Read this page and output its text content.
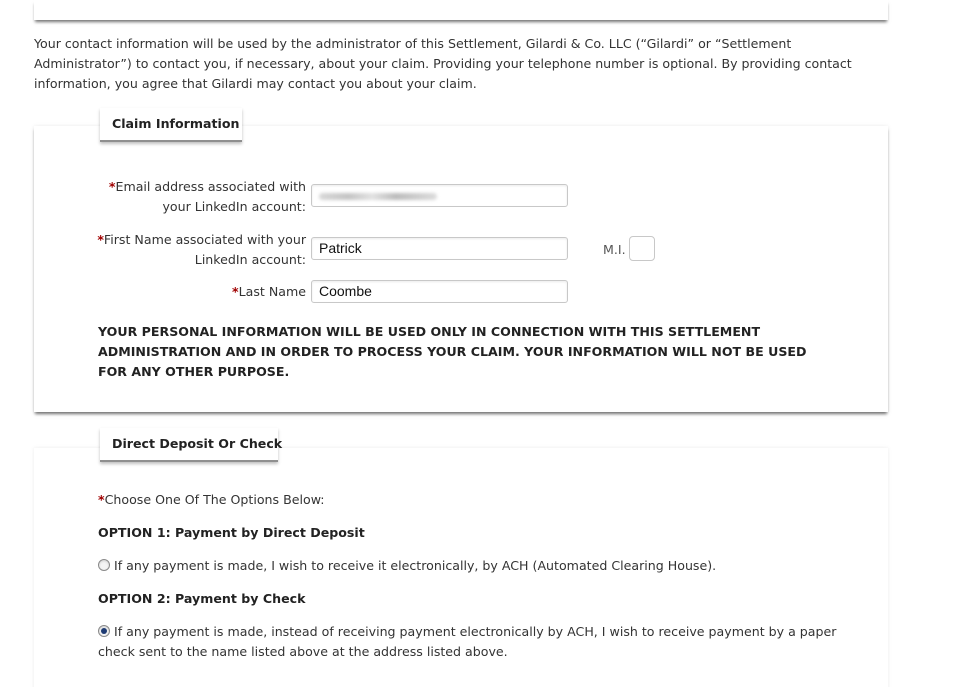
Your contact information will be used by the administrator of this Settlement, Gilardi & Co. LLC (“Gilardi” or “Settlement Administrator”) to contact you, if necessary, about your claim. Providing your telephone number is optional. By providing contact information, you agree that Gilardi may contact you about your claim.
Claim Information
*Email address associated with
your LinkedIn account:
*First Name associated with your
LinkedIn account:
Patrick	M.I.
*Last Name Coombe
YOUR PERSONAL INFORMATION WILL BE USED ONLY IN CONNECTION WITH THIS SETTLEMENT ADMINISTRATION AND IN ORDER TO PROCESS YOUR CLAIM. YOUR INFORMATION WILL NOT BE USED FOR ANY OTHER PURPOSE.
Direct Deposit Or Check
*Choose One Of The Options Below:
OPTION 1: Payment by Direct Deposit
If any payment is made, I wish to receive it electronically, by ACH (Automated Clearing House).
OPTION 2: Payment by Check
If any payment is made, instead of receiving payment electronically by ACH, I wish to receive payment by a paper check sent to the name listed above at the address listed above.
